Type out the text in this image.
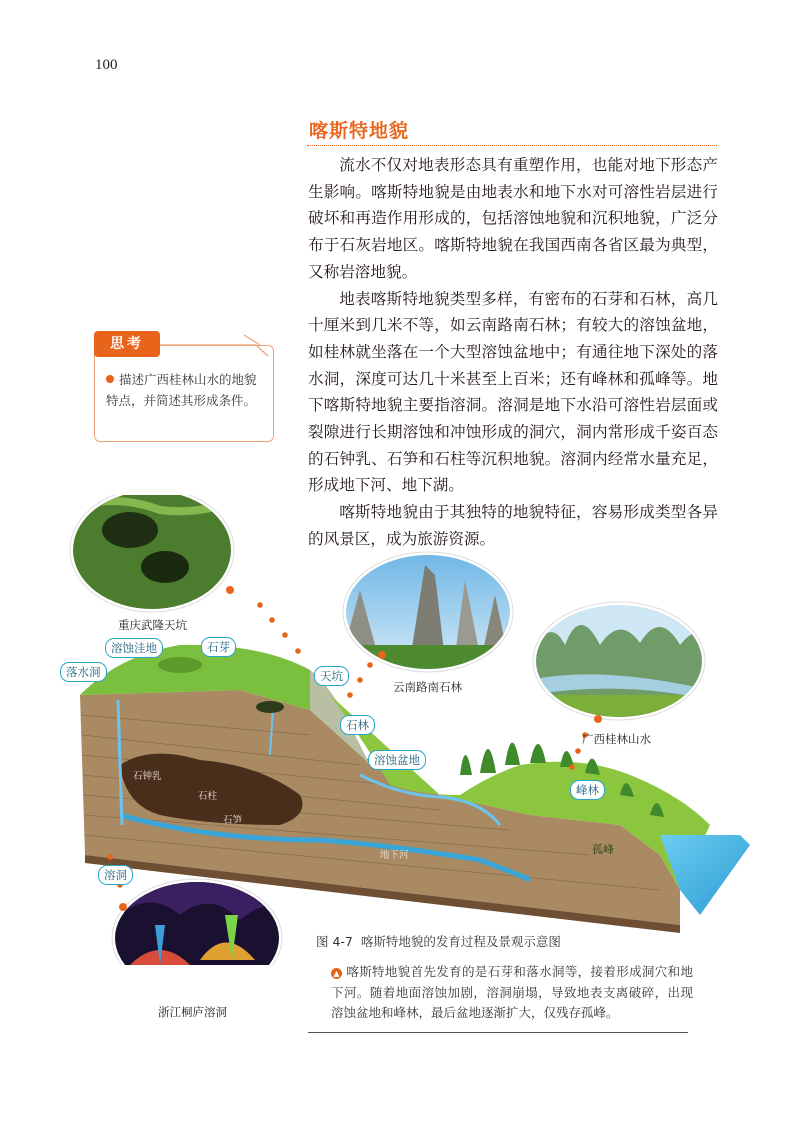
100
喀斯特地貌

流水不仅对地表形态具有重塑作用，也能对地下形态产生影响。喀斯特地貌是由地表水和地下水对可溶性岩层进行破坏和再造作用形成的，包括溶蚀地貌和沉积地貌，广泛分布于石灰岩地区。喀斯特地貌在我国西南各省区最为典型，又称岩溶地貌。

地表喀斯特地貌类型多样，有密布的石芽和石林，高几十厘米到几米不等，如云南路南石林；有较大的溶蚀盆地，如桂林就坐落在一个大型溶蚀盆地中；有通往地下深处的落水洞，深度可达几十米甚至上百米；还有峰林和孤峰等。地下喀斯特地貌主要指溶洞。溶洞是地下水沿可溶性岩层面或裂隙进行长期溶蚀和冲蚀形成的洞穴，洞内常形成千姿百态的石钟乳、石笋和石柱等沉积地貌。溶洞内经常水量充足，形成地下河、地下湖。

喀斯特地貌由于其独特的地貌特征，容易形成类型各异的风景区，成为旅游资源。

思考
描述广西桂林山水的地貌特点，并简述其形成条件。
重庆武隆天坑
云南路南石林
广西桂林山水
浙江桐庐溶洞
溶蚀洼地	石芽
落水洞	天坑
石林
溶蚀盆地
峰林
溶洞
石钟乳
石柱
石笋
地下河	孤峰
图 4-7 喀斯特地貌的发育过程及景观示意图
▲ 喀斯特地貌首先发育的是石芽和落水洞等，接着形成洞穴和地下河。随着地面溶蚀加剧，溶洞崩塌，导致地表支离破碎，出现溶蚀盆地和峰林，最后盆地逐渐扩大，仅残存孤峰。
